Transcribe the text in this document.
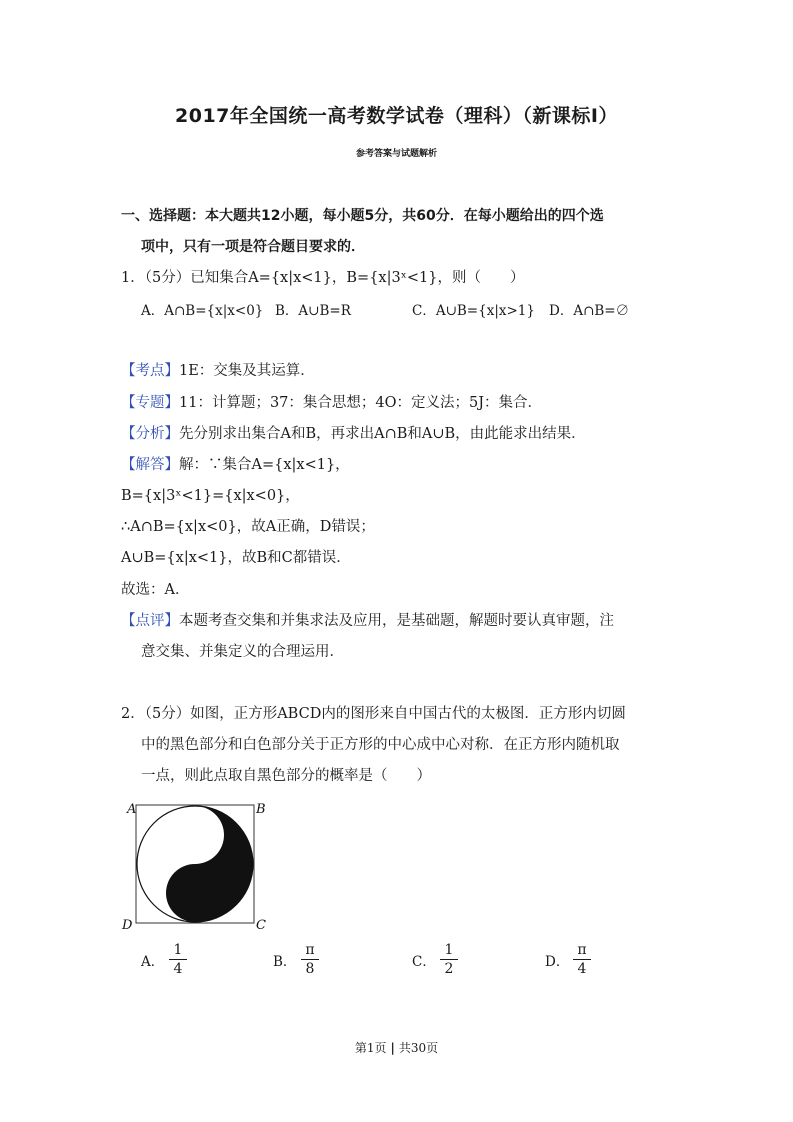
2017年全国统一高考数学试卷（理科）（新课标Ⅰ）
参考答案与试题解析
一、选择题：本大题共12小题，每小题5分，共60分．在每小题给出的四个选
项中，只有一项是符合题目要求的．
1．（5分）已知集合A={x|x<1}，B={x|3ˣ<1}，则（　　）
A．A∩B={x|x<0} B．A∪B=R	C．A∪B={x|x>1} D．A∩B=∅
【考点】1E：交集及其运算．
【专题】11：计算题；37：集合思想；4O：定义法；5J：集合．
【分析】先分别求出集合A和B，再求出A∩B和A∪B，由此能求出结果．
【解答】解：∵集合A={x|x<1}，
B={x|3ˣ<1}={x|x<0}，
∴A∩B={x|x<0}，故A正确，D错误；
A∪B={x|x<1}，故B和C都错误．
故选：A．
【点评】本题考查交集和并集求法及应用，是基础题，解题时要认真审题，注
意交集、并集定义的合理运用．
2．（5分）如图，正方形ABCD内的图形来自中国古代的太极图．正方形内切圆
中的黑色部分和白色部分关于正方形的中心成中心对称．在正方形内随机取
一点，则此点取自黑色部分的概率是（　　）
A	B
C
D
A．
1
4	B．
π
8	C．
1
2	D．
π
4
第1页 | 共30页
